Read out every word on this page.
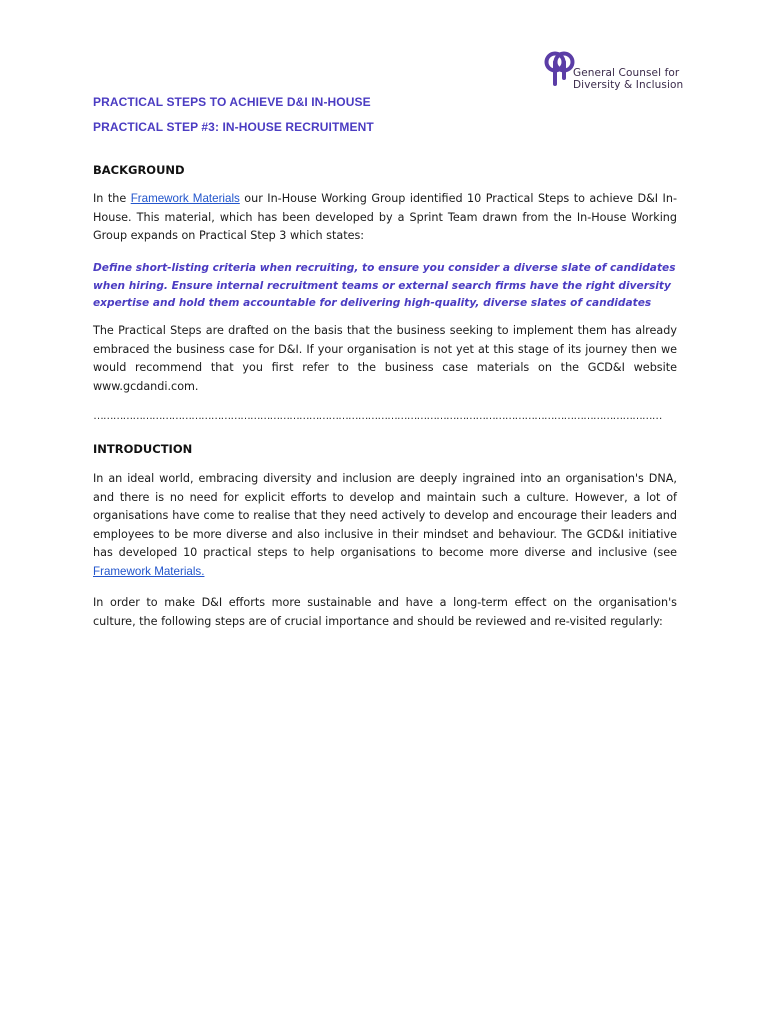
General Counsel for
Diversity & Inclusion
PRACTICAL STEPS TO ACHIEVE D&I IN-HOUSE
PRACTICAL STEP #3: IN-HOUSE RECRUITMENT
BACKGROUND
In the Framework Materials our In-House Working Group identified 10 Practical Steps to achieve D&I In-House. This material, which has been developed by a Sprint Team drawn from the In-House Working Group expands on Practical Step 3 which states:
Define short-listing criteria when recruiting, to ensure you consider a diverse slate of candidates when hiring. Ensure internal recruitment teams or external search firms have the right diversity expertise and hold them accountable for delivering high-quality, diverse slates of candidates
The Practical Steps are drafted on the basis that the business seeking to implement them has already embraced the business case for D&I. If your organisation is not yet at this stage of its journey then we would recommend that you first refer to the business case materials on the GCD&I website www.gcdandi.com.
…………………………………………………………………………………………………………………………………………………………
INTRODUCTION
In an ideal world, embracing diversity and inclusion are deeply ingrained into an organisation's DNA, and there is no need for explicit efforts to develop and maintain such a culture. However, a lot of organisations have come to realise that they need actively to develop and encourage their leaders and employees to be more diverse and also inclusive in their mindset and behaviour. The GCD&I initiative has developed 10 practical steps to help organisations to become more diverse and inclusive (see Framework Materials.
In order to make D&I efforts more sustainable and have a long-term effect on the organisation's culture, the following steps are of crucial importance and should be reviewed and re-visited regularly:
